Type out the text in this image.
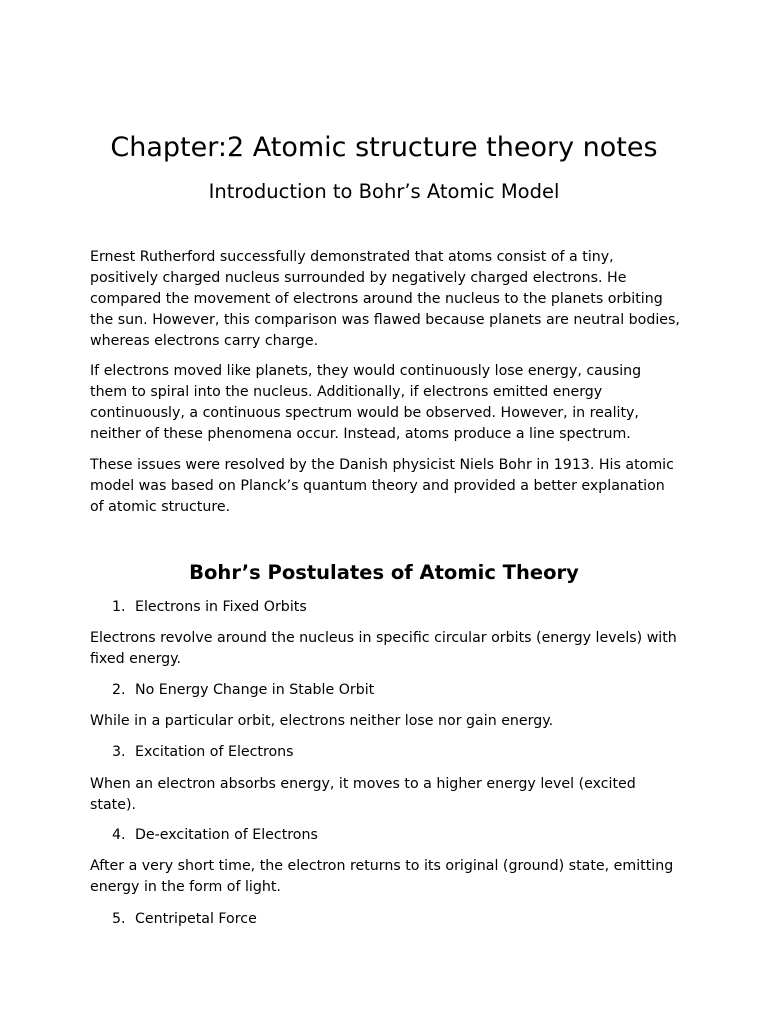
Chapter:2 Atomic structure theory notes
Introduction to Bohr’s Atomic Model

Ernest Rutherford successfully demonstrated that atoms consist of a tiny, positively charged nucleus surrounded by negatively charged electrons. He compared the movement of electrons around the nucleus to the planets orbiting the sun. However, this comparison was flawed because planets are neutral bodies, whereas electrons carry charge.

If electrons moved like planets, they would continuously lose energy, causing them to spiral into the nucleus. Additionally, if electrons emitted energy continuously, a continuous spectrum would be observed. However, in reality, neither of these phenomena occur. Instead, atoms produce a line spectrum.

These issues were resolved by the Danish physicist Niels Bohr in 1913. His atomic model was based on Planck’s quantum theory and provided a better explanation of atomic structure.

Bohr’s Postulates of Atomic Theory
1. Electrons in Fixed Orbits

Electrons revolve around the nucleus in specific circular orbits (energy levels) with fixed energy.

2. No Energy Change in Stable Orbit

While in a particular orbit, electrons neither lose nor gain energy.

3. Excitation of Electrons

When an electron absorbs energy, it moves to a higher energy level (excited state).

4. De-excitation of Electrons

After a very short time, the electron returns to its original (ground) state, emitting energy in the form of light.

5. Centripetal Force
